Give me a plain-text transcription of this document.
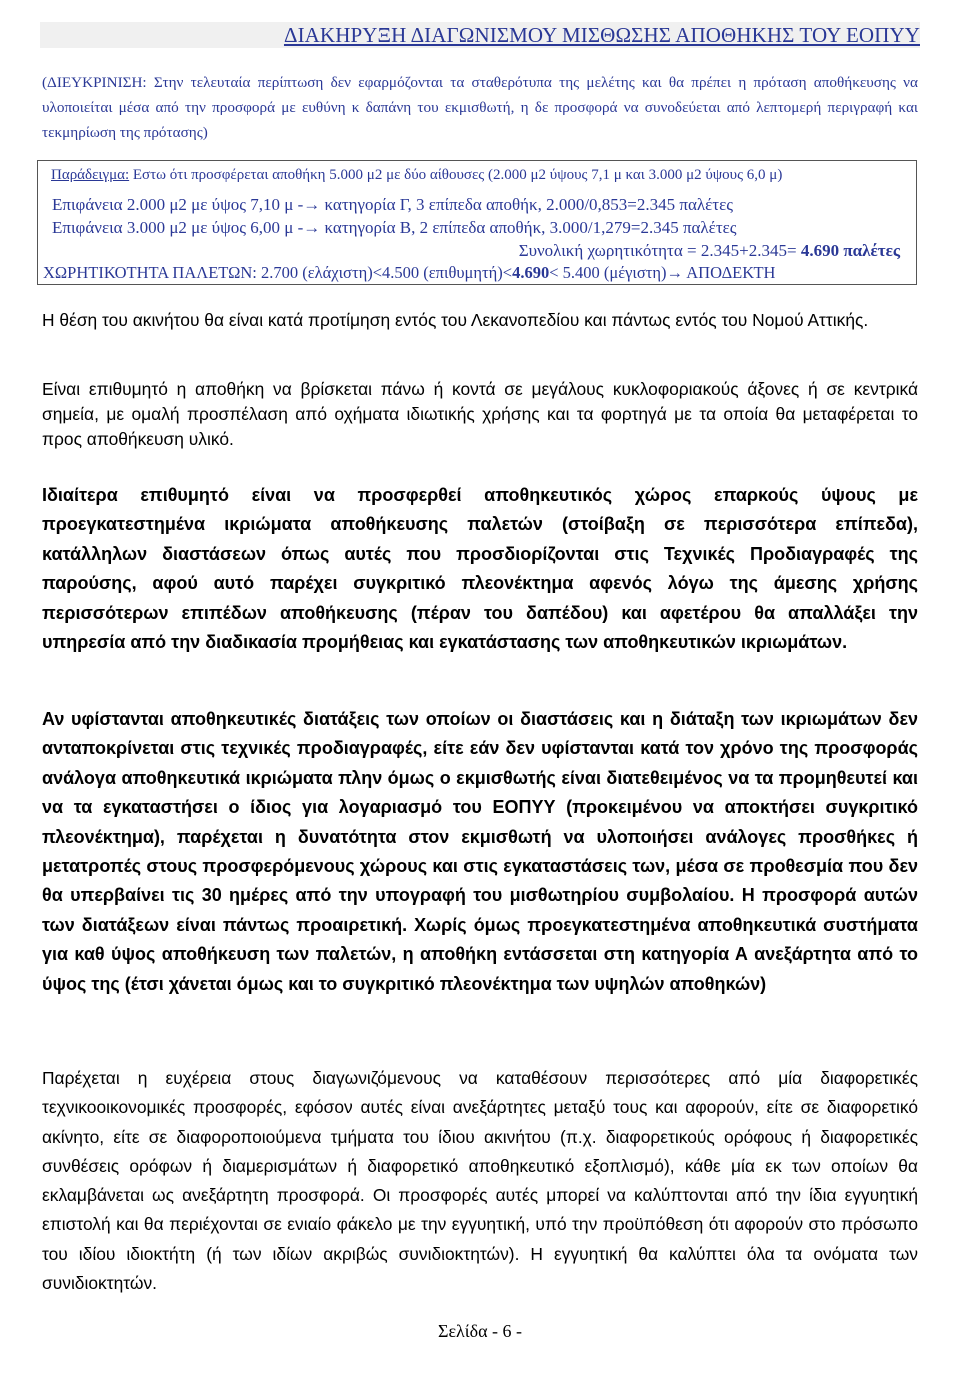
ΔΙΑΚΗΡΥΞΗ ΔΙΑΓΩΝΙΣΜΟΥ ΜΙΣΘΩΣΗΣ ΑΠΟΘΗΚΗΣ ΤΟΥ ΕΟΠΥΥ

(ΔΙΕΥΚΡΙΝΙΣΗ: Στην τελευταία περίπτωση δεν εφαρμόζονται τα σταθερότυπα της μελέτης και θα πρέπει η πρόταση αποθήκευσης να υλοποιείται μέσα από την προσφορά με ευθύνη κ δαπάνη του εκμισθωτή, η δε προσφορά να συνοδεύεται από λεπτομερή περιγραφή και τεκμηρίωση της πρότασης)

Παράδειγμα: Εστω ότι προσφέρεται αποθήκη 5.000 μ2 με δύο αίθουσες (2.000 μ2 ύψους 7,1 μ και 3.000 μ2 ύψους 6,0 μ)
Επιφάνεια 2.000 μ2 με ύψος 7,10 μ -→ κατηγορία Γ, 3 επίπεδα αποθήκ, 2.000/0,853=2.345 παλέτες
Επιφάνεια 3.000 μ2 με ύψος 6,00 μ -→ κατηγορία Β, 2 επίπεδα αποθήκ, 3.000/1,279=2.345 παλέτες
Συνολική χωρητικότητα = 2.345+2.345= 4.690 παλέτες
ΧΩΡΗΤΙΚΟΤΗΤΑ ΠΑΛΕΤΩΝ: 2.700 (ελάχιστη)<4.500 (επιθυμητή)<4.690< 5.400 (μέγιστη)→ ΑΠΟΔΕΚΤΗ

Η θέση του ακινήτου θα είναι κατά προτίμηση εντός του Λεκανοπεδίου και πάντως εντός του Νομού Αττικής.

Είναι επιθυμητό η αποθήκη να βρίσκεται πάνω ή κοντά σε μεγάλους κυκλοφοριακούς άξονες ή σε κεντρικά σημεία, με ομαλή προσπέλαση από οχήματα ιδιωτικής χρήσης και τα φορτηγά με τα οποία θα μεταφέρεται το προς αποθήκευση υλικό.

Ιδιαίτερα επιθυμητό είναι να προσφερθεί αποθηκευτικός χώρος επαρκούς ύψους με προεγκατεστημένα ικριώματα αποθήκευσης παλετών (στοίβαξη σε περισσότερα επίπεδα), κατάλληλων διαστάσεων όπως αυτές που προσδιορίζονται στις Τεχνικές Προδιαγραφές της παρούσης, αφού αυτό παρέχει συγκριτικό πλεονέκτημα αφενός λόγω της άμεσης χρήσης περισσότερων επιπέδων αποθήκευσης (πέραν του δαπέδου) και αφετέρου θα απαλλάξει την υπηρεσία από την διαδικασία προμήθειας και εγκατάστασης των αποθηκευτικών ικριωμάτων.

Αν υφίστανται αποθηκευτικές διατάξεις των οποίων οι διαστάσεις και η διάταξη των ικριωμάτων δεν ανταποκρίνεται στις τεχνικές προδιαγραφές, είτε εάν δεν υφίστανται κατά τον χρόνο της προσφοράς ανάλογα αποθηκευτικά ικριώματα πλην όμως ο εκμισθωτής είναι διατεθειμένος να τα προμηθευτεί και να τα εγκαταστήσει ο ίδιος για λογαριασμό του ΕΟΠΥΥ (προκειμένου να αποκτήσει συγκριτικό πλεονέκτημα), παρέχεται η δυνατότητα στον εκμισθωτή να υλοποιήσει ανάλογες προσθήκες ή μετατροπές στους προσφερόμενους χώρους και στις εγκαταστάσεις των, μέσα σε προθεσμία που δεν θα υπερβαίνει τις 30 ημέρες από την υπογραφή του μισθωτηρίου συμβολαίου. Η προσφορά αυτών των διατάξεων είναι πάντως προαιρετική. Χωρίς όμως προεγκατεστημένα αποθηκευτικά συστήματα για καθ ύψος αποθήκευση των παλετών, η αποθήκη εντάσσεται στη κατηγορία Α ανεξάρτητα από το ύψος της (έτσι χάνεται όμως και το συγκριτικό πλεονέκτημα των υψηλών αποθηκών)

Παρέχεται η ευχέρεια στους διαγωνιζόμενους να καταθέσουν περισσότερες από μία διαφορετικές τεχνικοοικονομικές προσφορές, εφόσον αυτές είναι ανεξάρτητες μεταξύ τους και αφορούν, είτε σε διαφορετικό ακίνητο, είτε σε διαφοροποιούμενα τμήματα του ίδιου ακινήτου (π.χ. διαφορετικούς ορόφους ή διαφορετικές συνθέσεις ορόφων ή διαμερισμάτων ή διαφορετικό αποθηκευτικό εξοπλισμό), κάθε μία εκ των οποίων θα εκλαμβάνεται ως ανεξάρτητη προσφορά. Οι προσφορές αυτές μπορεί να καλύπτονται από την ίδια εγγυητική επιστολή και θα περιέχονται σε ενιαίο φάκελο με την εγγυητική, υπό την προϋπόθεση ότι αφορούν στο πρόσωπο του ιδίου ιδιοκτήτη (ή των ιδίων ακριβώς συνιδιοκτητών). Η εγγυητική θα καλύπτει όλα τα ονόματα των συνιδιοκτητών.

Σελίδα - 6 -
